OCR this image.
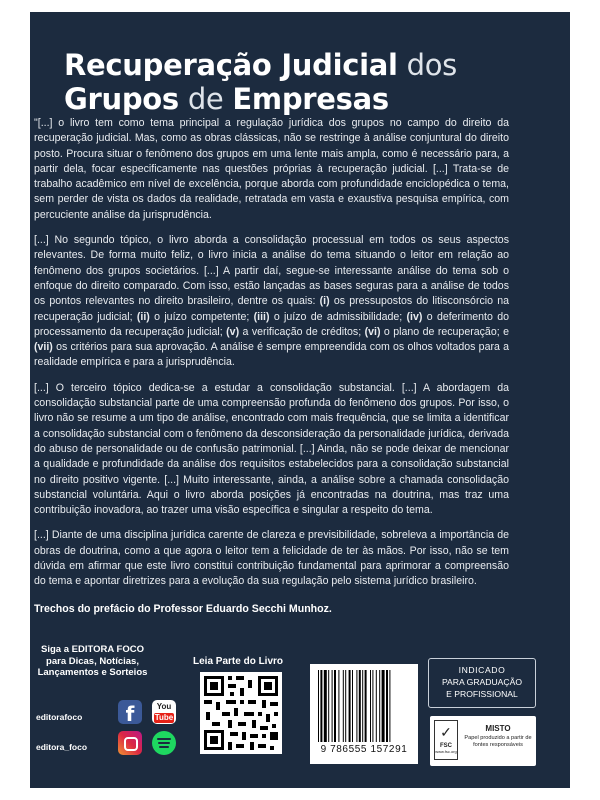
Recuperação Judicial dos
Grupos de Empresas

"[...] o livro tem como tema principal a regulação jurídica dos grupos no campo do direito da recuperação judicial. Mas, como as obras clássicas, não se restringe à análise conjuntural do direito posto. Procura situar o fenômeno dos grupos em uma lente mais ampla, como é necessário para, a partir dela, focar especificamente nas questões próprias à recuperação judicial. [...] Trata-se de trabalho acadêmico em nível de excelência, porque aborda com profundidade enciclopédica o tema, sem perder de vista os dados da realidade, retratada em vasta e exaustiva pesquisa empírica, com percuciente análise da jurisprudência.

[...] No segundo tópico, o livro aborda a consolidação processual em todos os seus aspectos relevantes. De forma muito feliz, o livro inicia a análise do tema situando o leitor em relação ao fenômeno dos grupos societários. [...] A partir daí, segue-se interessante análise do tema sob o enfoque do direito comparado. Com isso, estão lançadas as bases seguras para a análise de todos os pontos relevantes no direito brasileiro, dentre os quais: (i) os pressupostos do litisconsórcio na recuperação judicial; (ii) o juízo competente; (iii) o juízo de admissibilidade; (iv) o deferimento do processamento da recuperação judicial; (v) a verificação de créditos; (vi) o plano de recuperação; e (vii) os critérios para sua aprovação. A análise é sempre empreendida com os olhos voltados para a realidade empírica e para a jurisprudência.

[...] O terceiro tópico dedica-se a estudar a consolidação substancial. [...] A abordagem da consolidação substancial parte de uma compreensão profunda do fenômeno dos grupos. Por isso, o livro não se resume a um tipo de análise, encontrado com mais frequência, que se limita a identificar a consolidação substancial com o fenômeno da desconsideração da personalidade jurídica, derivada do abuso de personalidade ou de confusão patrimonial. [...] Ainda, não se pode deixar de mencionar a qualidade e profundidade da análise dos requisitos estabelecidos para a consolidação substancial no direito positivo vigente. [...] Muito interessante, ainda, a análise sobre a chamada consolidação substancial voluntária. Aqui o livro aborda posições já encontradas na doutrina, mas traz uma contribuição inovadora, ao trazer uma visão específica e singular a respeito do tema.

[...] Diante de uma disciplina jurídica carente de clareza e previsibilidade, sobreleva a importância de obras de doutrina, como a que agora o leitor tem a felicidade de ter às mãos. Por isso, não se tem dúvida em afirmar que este livro constitui contribuição fundamental para aprimorar a compreensão do tema e apontar diretrizes para a evolução da sua regulação pelo sistema jurídico brasileiro.

Trechos do prefácio do Professor Eduardo Secchi Munhoz.

Siga a EDITORA FOCO
para Dicas, Notícias,
Lançamentos e Sorteios
editorafoco	f	You
Tube
editora_foco
Leia Parte do Livro
9 786555 157291
INDICADO
PARA GRADUAÇÃO
E PROFISSIONAL
✓
FSC
www.fsc.org
MISTO
Papel produzido a partir de fontes responsáveis
